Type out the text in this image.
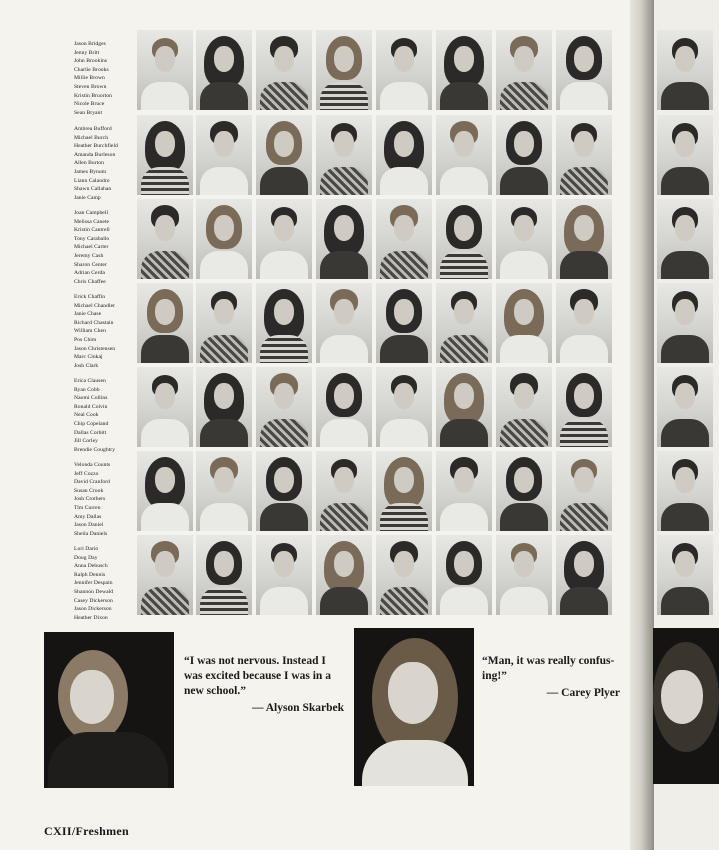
Jason Bridges
Jenny Britt
John Brookins
Charlie Brooks
Millie Brown
Steven Brown
Kristin Bruorton
Nicole Bruce
Sean Bryant
Ambrea Bufford
Michael Burch
Heather Burchfield
Amanda Burleson
Allen Burton
James Bynum
Liann Calandro
Shawn Callahan
Janie Camp
Joan Campbell
Melissa Canete
Kristin Cantrell
Tony Caraballo
Michael Carter
Jeremy Cash
Sharon Center
Adrian Cerda
Chris Chaffee
Erick Chaffin
Michael Chandler
Janie Chase
Richard Chastain
William Chen
Pos Chim
Jason Christensen
Marc Cinkaj
Josh Clark
Erica Clausen
Ryan Cobb
Naomi Collins
Ronald Colvin
Neal Cook
Chip Copeland
Dallas Corbitt
Jill Corley
Brendie Coughtry
Velonda Counts
Jeff Cozzo
David Cranford
Susan Crook
Josh Crothers
Tim Curren
Amy Dallas
Jason Daniel
Sheila Daniels
Lori Dario
Doug Day
Anna Debusch
Ralph Dennis
Jennifer Despain
Shannon Dewald
Casey Dickerson
Jason Dickerson
Heather Dixon
“I was not nervous. Instead I was excited because I was in a new school.”
— Alyson Skarbek
“Man, it was really confus-ing!”
— Carey Plyer
CXII/Freshmen
